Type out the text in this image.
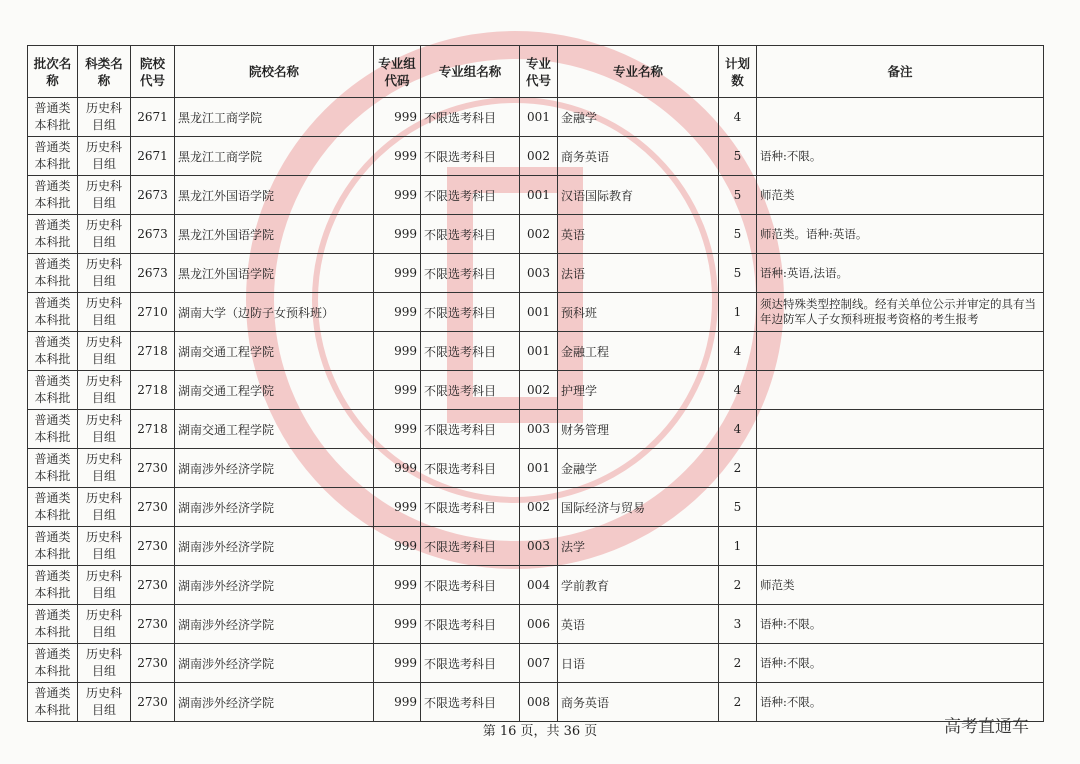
批次名称	科类名称	院校代号	院校名称	专业组代码	专业组名称	专业代号	专业名称	计划数	备注
普通类本科批	历史科目组	2671	黑龙江工商学院	999	不限选考科目	001	金融学	4	
普通类本科批	历史科目组	2671	黑龙江工商学院	999	不限选考科目	002	商务英语	5	语种:不限。
普通类本科批	历史科目组	2673	黑龙江外国语学院	999	不限选考科目	001	汉语国际教育	5	师范类
普通类本科批	历史科目组	2673	黑龙江外国语学院	999	不限选考科目	002	英语	5	师范类。语种:英语。
普通类本科批	历史科目组	2673	黑龙江外国语学院	999	不限选考科目	003	法语	5	语种:英语,法语。
普通类本科批	历史科目组	2710	湖南大学（边防子女预科班）	999	不限选考科目	001	预科班	1	须达特殊类型控制线。经有关单位公示并审定的具有当年边防军人子女预科班报考资格的考生报考
普通类本科批	历史科目组	2718	湖南交通工程学院	999	不限选考科目	001	金融工程	4	
普通类本科批	历史科目组	2718	湖南交通工程学院	999	不限选考科目	002	护理学	4	
普通类本科批	历史科目组	2718	湖南交通工程学院	999	不限选考科目	003	财务管理	4	
普通类本科批	历史科目组	2730	湖南涉外经济学院	999	不限选考科目	001	金融学	2	
普通类本科批	历史科目组	2730	湖南涉外经济学院	999	不限选考科目	002	国际经济与贸易	5	
普通类本科批	历史科目组	2730	湖南涉外经济学院	999	不限选考科目	003	法学	1	
普通类本科批	历史科目组	2730	湖南涉外经济学院	999	不限选考科目	004	学前教育	2	师范类
普通类本科批	历史科目组	2730	湖南涉外经济学院	999	不限选考科目	006	英语	3	语种:不限。
普通类本科批	历史科目组	2730	湖南涉外经济学院	999	不限选考科目	007	日语	2	语种:不限。
普通类本科批	历史科目组	2730	湖南涉外经济学院	999	不限选考科目	008	商务英语	2	语种:不限。
第 16 页，共 36 页	高考直通车
